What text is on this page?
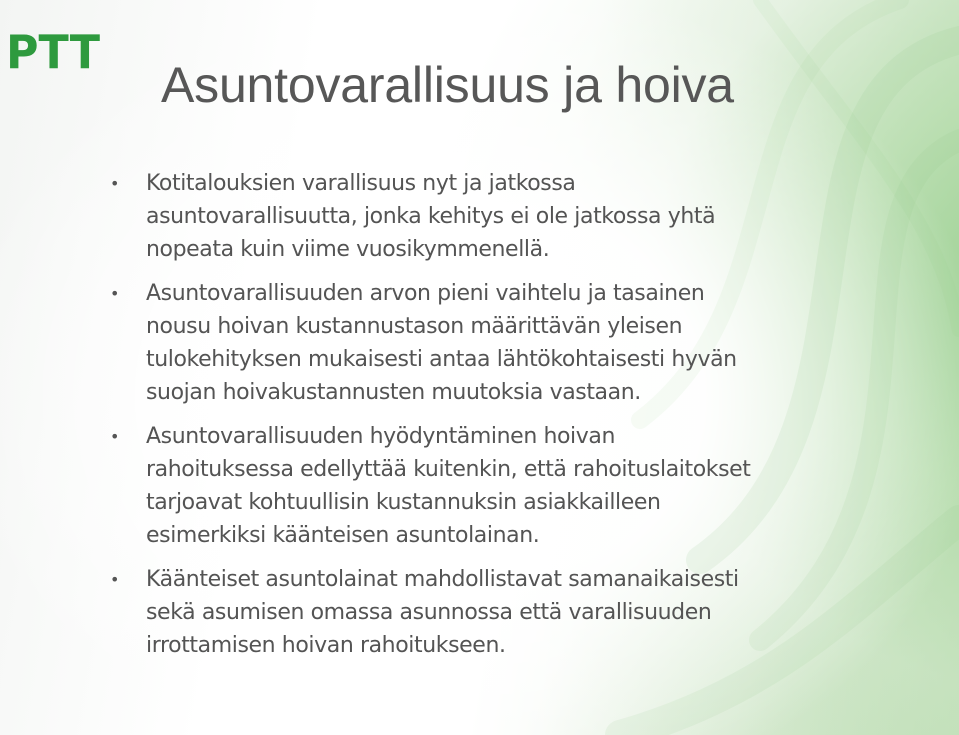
PTT
Asuntovarallisuus ja hoiva
• Kotitalouksien varallisuus nyt ja jatkossa
asuntovarallisuutta, jonka kehitys ei ole jatkossa yhtä
nopeata kuin viime vuosikymmenellä.
• Asuntovarallisuuden arvon pieni vaihtelu ja tasainen
nousu hoivan kustannustason määrittävän yleisen
tulokehityksen mukaisesti antaa lähtökohtaisesti hyvän
suojan hoivakustannusten muutoksia vastaan.
• Asuntovarallisuuden hyödyntäminen hoivan
rahoituksessa edellyttää kuitenkin, että rahoituslaitokset
tarjoavat kohtuullisin kustannuksin asiakkailleen
esimerkiksi käänteisen asuntolainan.
• Käänteiset asuntolainat mahdollistavat samanaikaisesti
sekä asumisen omassa asunnossa että varallisuuden
irrottamisen hoivan rahoitukseen.
